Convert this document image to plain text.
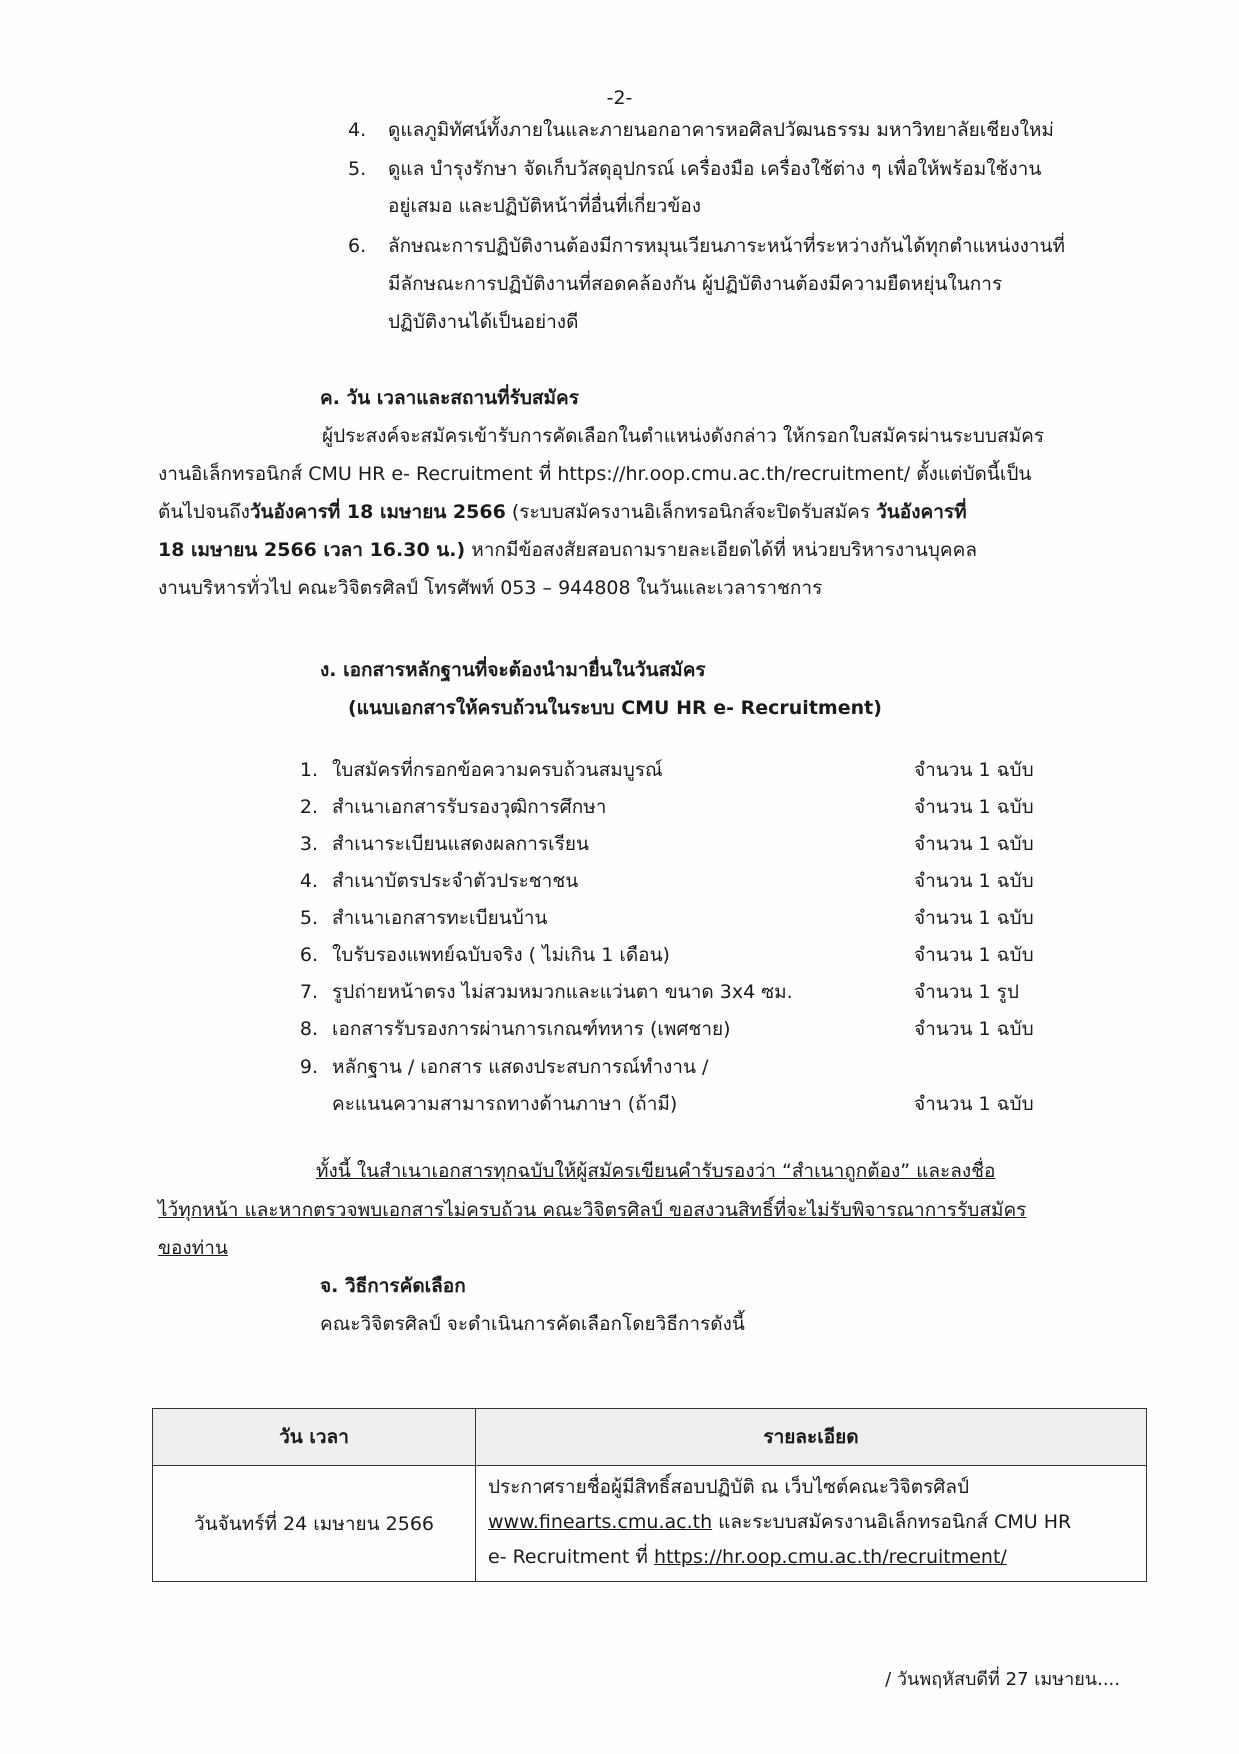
-2-
4. ดูแลภูมิทัศน์ทั้งภายในและภายนอกอาคารหอศิลปวัฒนธรรม มหาวิทยาลัยเชียงใหม่
5. ดูแล บำรุงรักษา จัดเก็บวัสดุอุปกรณ์ เครื่องมือ เครื่องใช้ต่าง ๆ เพื่อให้พร้อมใช้งาน
อยู่เสมอ และปฏิบัติหน้าที่อื่นที่เกี่ยวข้อง
6. ลักษณะการปฏิบัติงานต้องมีการหมุนเวียนภาระหน้าที่ระหว่างกันได้ทุกตำแหน่งงานที่
มีลักษณะการปฏิบัติงานที่สอดคล้องกัน ผู้ปฏิบัติงานต้องมีความยืดหยุ่นในการ
ปฏิบัติงานได้เป็นอย่างดี
ค. วัน เวลาและสถานที่รับสมัคร
ผู้ประสงค์จะสมัครเข้ารับการคัดเลือกในตำแหน่งดังกล่าว ให้กรอกใบสมัครผ่านระบบสมัคร
งานอิเล็กทรอนิกส์ CMU HR e- Recruitment ที่ https://hr.oop.cmu.ac.th/recruitment/ ตั้งแต่บัดนี้เป็น
ต้นไปจนถึงวันอังคารที่ 18 เมษายน 2566 (ระบบสมัครงานอิเล็กทรอนิกส์จะปิดรับสมัคร วันอังคารที่
18 เมษายน 2566 เวลา 16.30 น.) หากมีข้อสงสัยสอบถามรายละเอียดได้ที่ หน่วยบริหารงานบุคคล
งานบริหารทั่วไป คณะวิจิตรศิลป์ โทรศัพท์ 053 – 944808 ในวันและเวลาราชการ
ง. เอกสารหลักฐานที่จะต้องนำมายื่นในวันสมัคร
(แนบเอกสารให้ครบถ้วนในระบบ CMU HR e- Recruitment)
1. ใบสมัครที่กรอกข้อความครบถ้วนสมบูรณ์	จำนวน 1 ฉบับ
2. สำเนาเอกสารรับรองวุฒิการศึกษา	จำนวน 1 ฉบับ
3. สำเนาระเบียนแสดงผลการเรียน	จำนวน 1 ฉบับ
4. สำเนาบัตรประจำตัวประชาชน	จำนวน 1 ฉบับ
5. สำเนาเอกสารทะเบียนบ้าน	จำนวน 1 ฉบับ
6. ใบรับรองแพทย์ฉบับจริง ( ไม่เกิน 1 เดือน)	จำนวน 1 ฉบับ
7. รูปถ่ายหน้าตรง ไม่สวมหมวกและแว่นตา ขนาด 3x4 ซม.	จำนวน 1 รูป
8. เอกสารรับรองการผ่านการเกณฑ์ทหาร (เพศชาย)	จำนวน 1 ฉบับ
9. หลักฐาน / เอกสาร แสดงประสบการณ์ทำงาน /
คะแนนความสามารถทางด้านภาษา (ถ้ามี)	จำนวน 1 ฉบับ
ทั้งนี้ ในสำเนาเอกสารทุกฉบับให้ผู้สมัครเขียนคำรับรองว่า “สำเนาถูกต้อง” และลงชื่อ
ไว้ทุกหน้า และหากตรวจพบเอกสารไม่ครบถ้วน คณะวิจิตรศิลป์ ขอสงวนสิทธิ์ที่จะไม่รับพิจารณาการรับสมัคร
ของท่าน
จ. วิธีการคัดเลือก
คณะวิจิตรศิลป์ จะดำเนินการคัดเลือกโดยวิธีการดังนี้
วัน เวลา	รายละเอียด
วันจันทร์ที่ 24 เมษายน 2566	ประกาศรายชื่อผู้มีสิทธิ์สอบปฏิบัติ ณ เว็บไซต์คณะวิจิตรศิลป์
www.finearts.cmu.ac.th และระบบสมัครงานอิเล็กทรอนิกส์ CMU HR
e- Recruitment ที่ https://hr.oop.cmu.ac.th/recruitment/
/ วันพฤหัสบดีที่ 27 เมษายน....
